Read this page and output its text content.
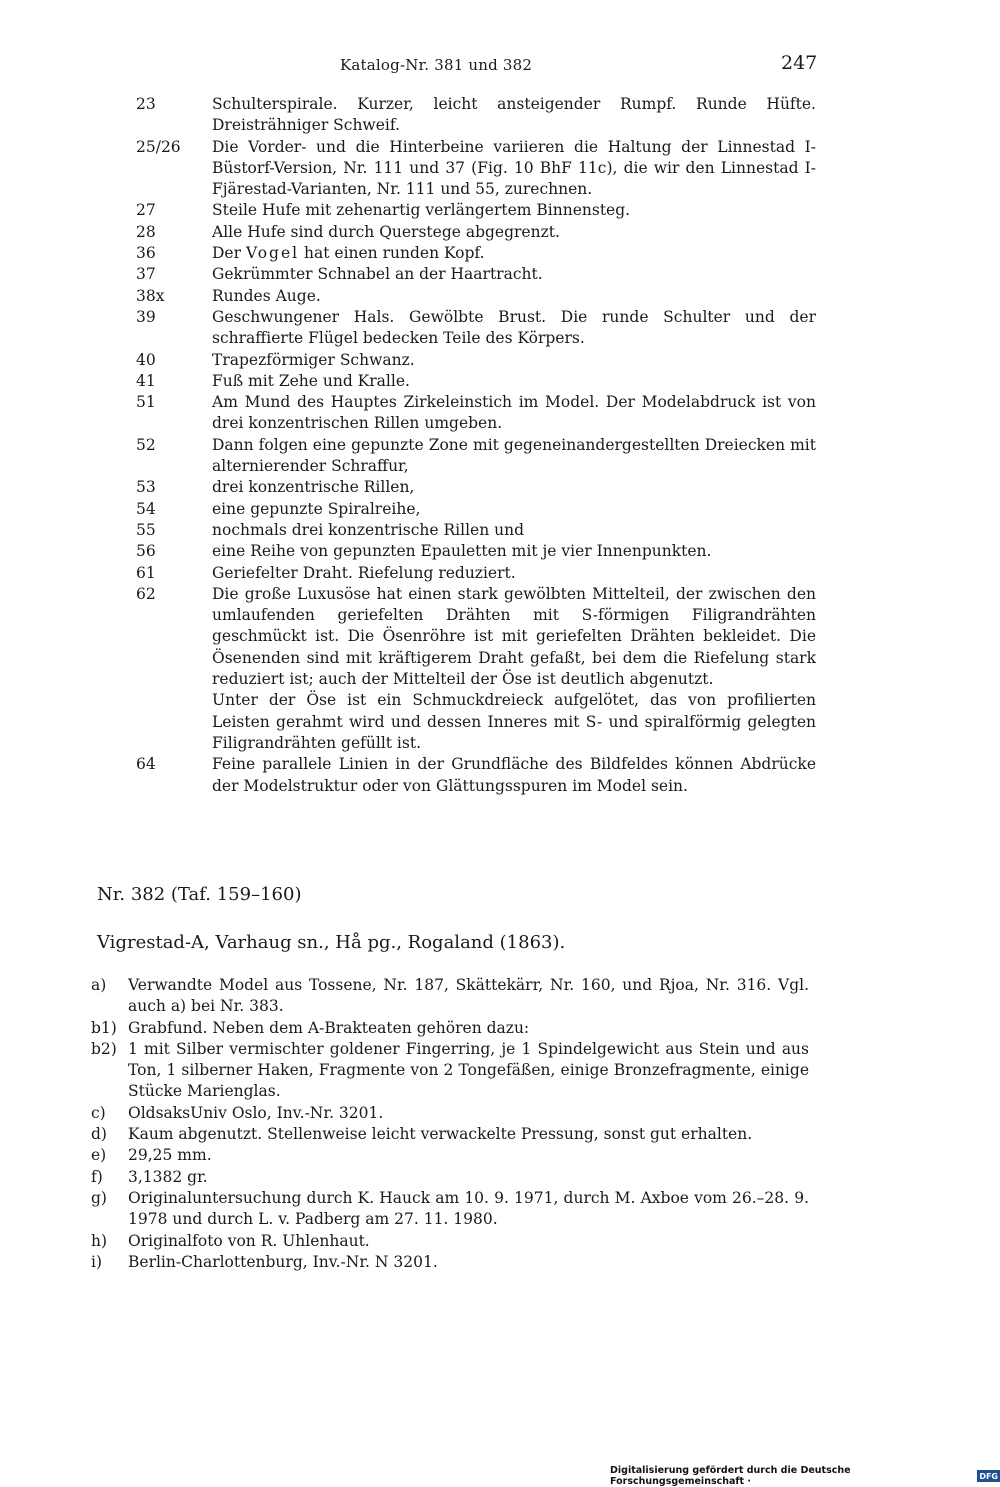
Katalog-Nr. 381 und 382	247
23	Schulterspirale. Kurzer, leicht ansteigender Rumpf. Runde Hüfte. Dreisträhniger Schweif.
25/26	Die Vorder- und die Hinterbeine variieren die Haltung der Linnestad I-Büstorf-Version, Nr. 111 und 37 (Fig. 10 BhF 11c), die wir den Linnestad I-Fjärestad-Varianten, Nr. 111 und 55, zurechnen.
27	Steile Hufe mit zehenartig verlängertem Binnensteg.
28	Alle Hufe sind durch Querstege abgegrenzt.
36	Der Vogel hat einen runden Kopf.
37	Gekrümmter Schnabel an der Haartracht.
38x	Rundes Auge.
39	Geschwungener Hals. Gewölbte Brust. Die runde Schulter und der schraffierte Flügel bedecken Teile des Körpers.
40	Trapezförmiger Schwanz.
41	Fuß mit Zehe und Kralle.
51	Am Mund des Hauptes Zirkeleinstich im Model. Der Modelabdruck ist von drei konzentrischen Rillen umgeben.
52	Dann folgen eine gepunzte Zone mit gegeneinandergestellten Dreiecken mit alternierender Schraffur,
53	drei konzentrische Rillen,
54	eine gepunzte Spiralreihe,
55	nochmals drei konzentrische Rillen und
56	eine Reihe von gepunzten Epauletten mit je vier Innenpunkten.
61	Geriefelter Draht. Riefelung reduziert.
62	Die große Luxusöse hat einen stark gewölbten Mittelteil, der zwischen den umlaufenden geriefelten Drähten mit S-förmigen Filigrandrähten geschmückt ist. Die Ösenröhre ist mit geriefelten Drähten bekleidet. Die Ösenenden sind mit kräftigerem Draht gefaßt, bei dem die Riefelung stark reduziert ist; auch der Mittelteil der Öse ist deutlich abgenutzt.
Unter der Öse ist ein Schmuckdreieck aufgelötet, das von profilierten Leisten gerahmt wird und dessen Inneres mit S- und spiralförmig gelegten Filigrandrähten gefüllt ist.
64	Feine parallele Linien in der Grundfläche des Bildfeldes können Abdrücke der Modelstruktur oder von Glättungsspuren im Model sein.
Nr. 382 (Taf. 159–160)
Vigrestad-A, Varhaug sn., Hå pg., Rogaland (1863).
a)	Verwandte Model aus Tossene, Nr. 187, Skättekärr, Nr. 160, und Rjoa, Nr. 316. Vgl. auch a) bei Nr. 383.
b1) Grabfund. Neben dem A-Brakteaten gehören dazu:
b2) 1 mit Silber vermischter goldener Fingerring, je 1 Spindelgewicht aus Stein und aus Ton, 1 silberner Haken, Fragmente von 2 Tongefäßen, einige Bronzefragmente, einige Stücke Marienglas.
c)	OldsaksUniv Oslo, Inv.-Nr. 3201.
d)	Kaum abgenutzt. Stellenweise leicht verwackelte Pressung, sonst gut erhalten.
e)	29,25 mm.
f)	3,1382 gr.
g)	Originaluntersuchung durch K. Hauck am 10. 9. 1971, durch M. Axboe vom 26.–28. 9. 1978 und durch L. v. Padberg am 27. 11. 1980.
h)	Originalfoto von R. Uhlenhaut.
i)	Berlin-Charlottenburg, Inv.-Nr. N 3201.
Digitalisierung gefördert durch die Deutsche Forschungsgemeinschaft ·	DFG
